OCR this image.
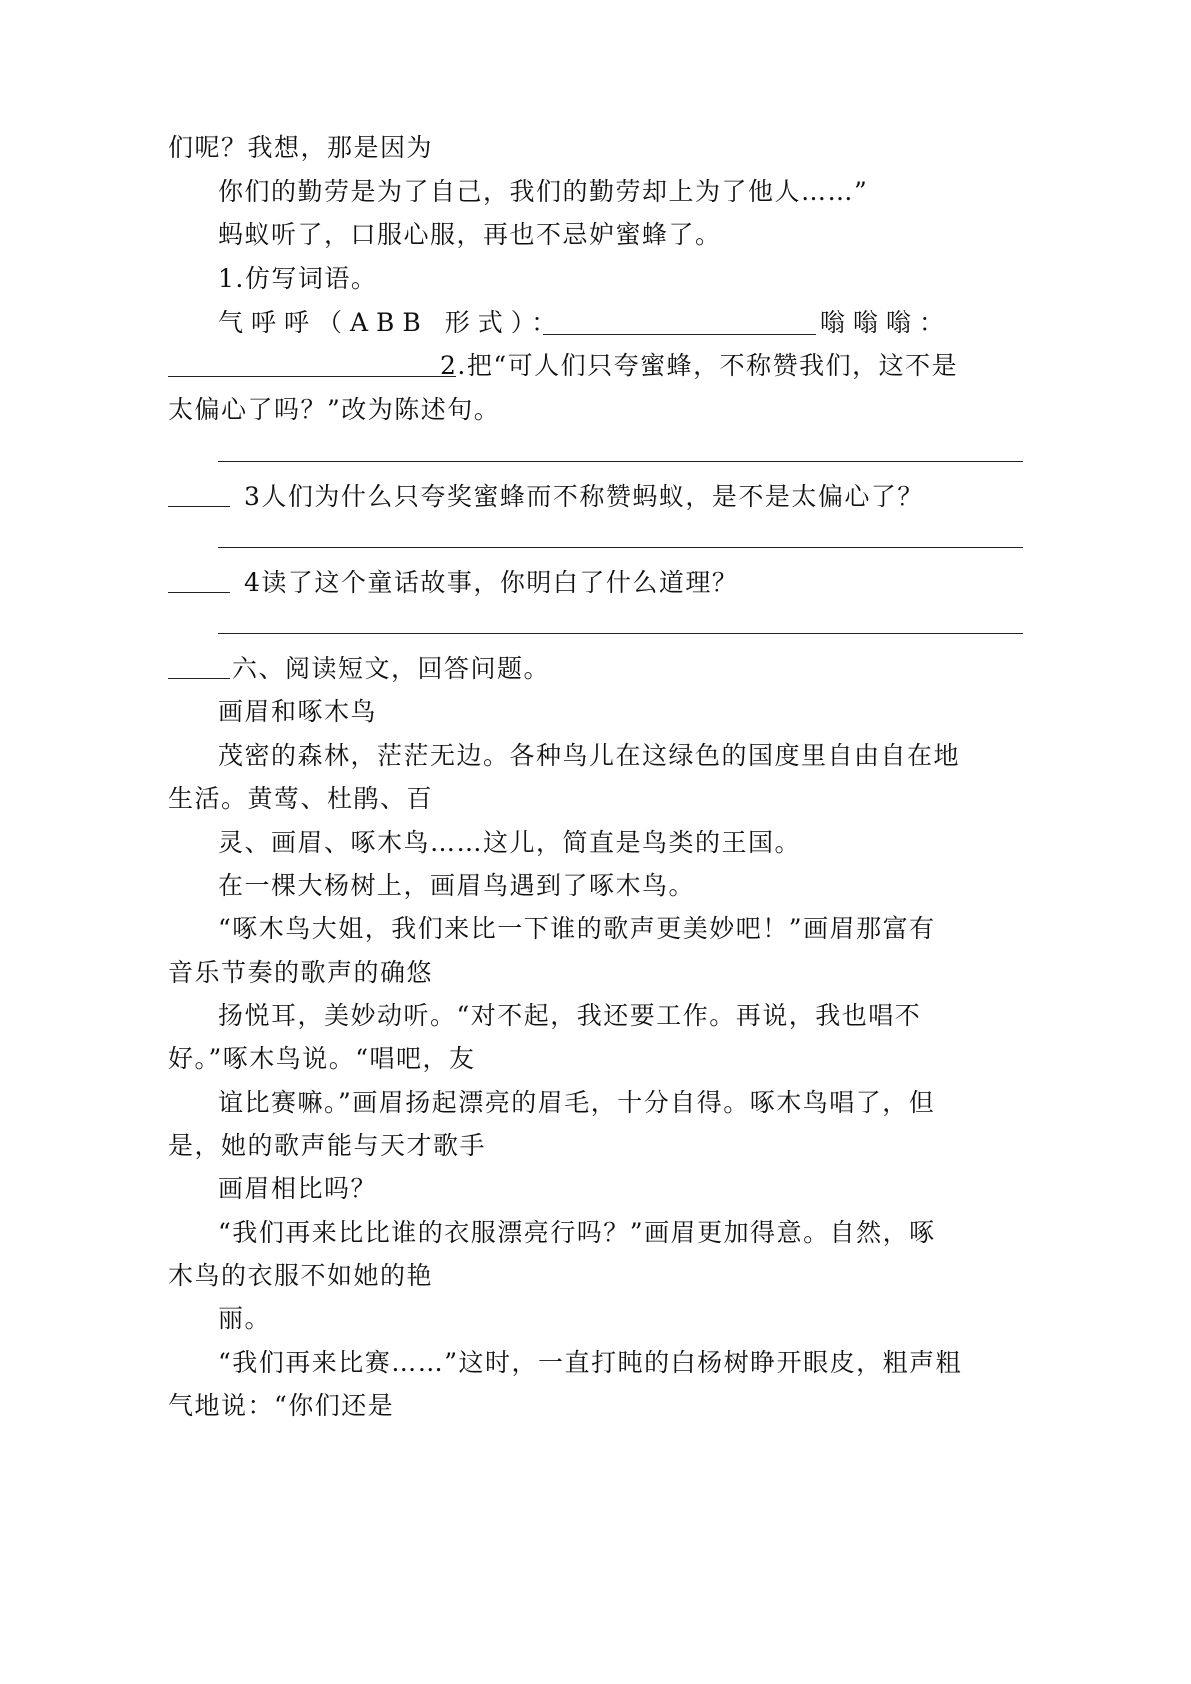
们呢？我想，那是因为
你们的勤劳是为了自己，我们的勤劳却上为了他人……”
蚂蚁听了，口服心服，再也不忌妒蜜蜂了。
1.仿写词语。
气呼呼（ABB 形式）：	嗡嗡嗡：
2.把“可人们只夸蜜蜂，不称赞我们，这不是
太偏心了吗？”改为陈述句。
3人们为什么只夸奖蜜蜂而不称赞蚂蚁，是不是太偏心了？
4读了这个童话故事，你明白了什么道理？
六、阅读短文，回答问题。
画眉和啄木鸟
茂密的森林，茫茫无边。各种鸟儿在这绿色的国度里自由自在地
生活。黄莺、杜鹃、百
灵、画眉、啄木鸟……这儿，简直是鸟类的王国。
在一棵大杨树上，画眉鸟遇到了啄木鸟。
“啄木鸟大姐，我们来比一下谁的歌声更美妙吧！”画眉那富有
音乐节奏的歌声的确悠
扬悦耳，美妙动听。“对不起，我还要工作。再说，我也唱不
好。”啄木鸟说。“唱吧，友
谊比赛嘛。”画眉扬起漂亮的眉毛，十分自得。啄木鸟唱了，但
是，她的歌声能与天才歌手
画眉相比吗？
“我们再来比比谁的衣服漂亮行吗？”画眉更加得意。自然，啄
木鸟的衣服不如她的艳
丽。
“我们再来比赛……”这时，一直打盹的白杨树睁开眼皮，粗声粗
气地说：“你们还是
